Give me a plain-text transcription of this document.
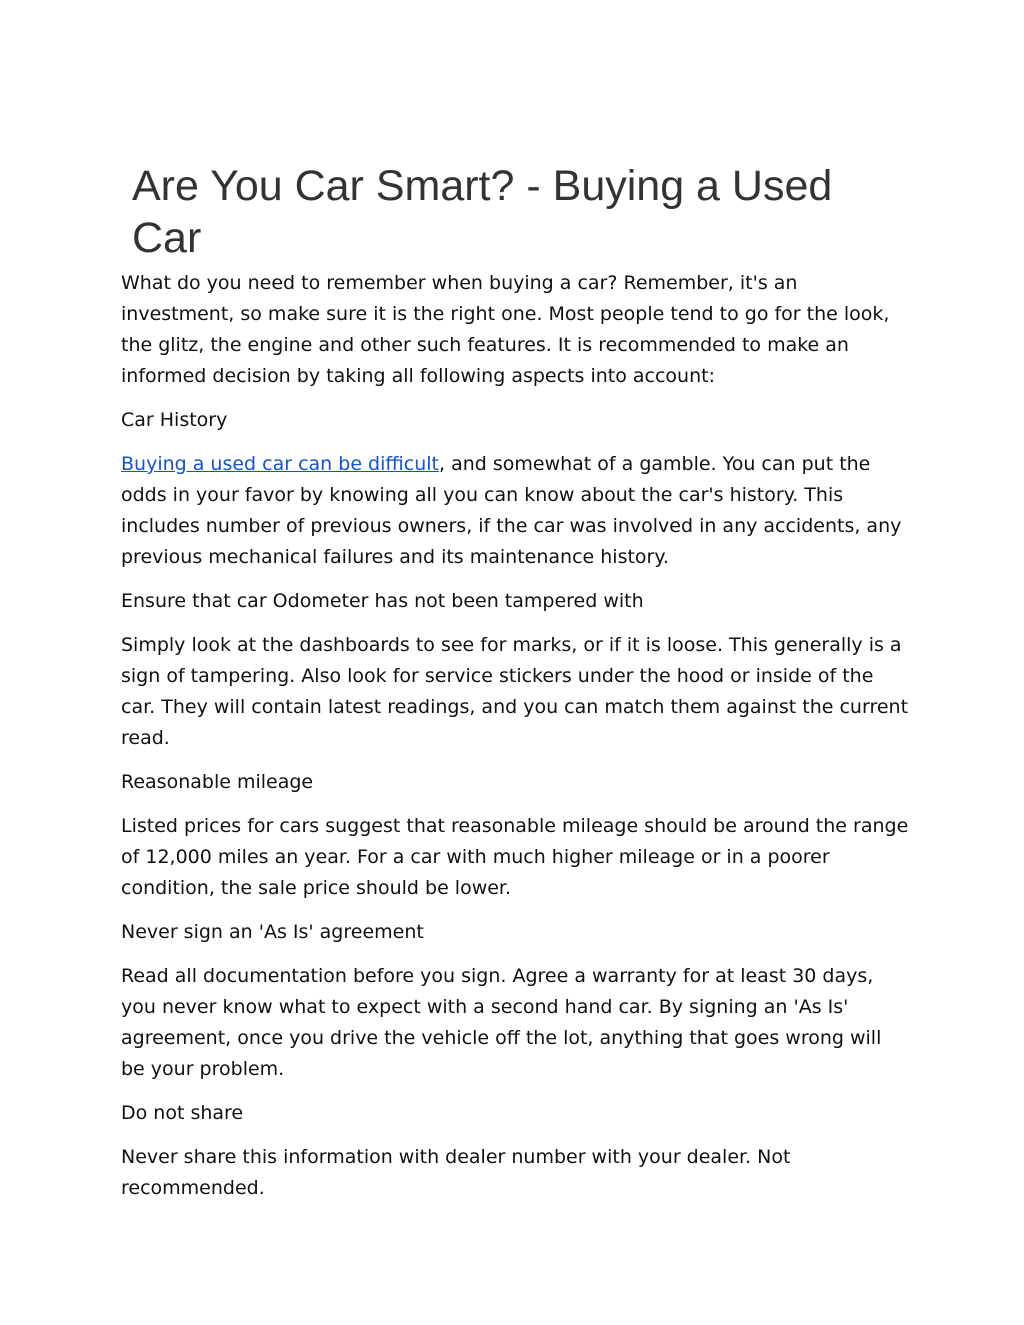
Are You Car Smart? - Buying a Used Car

What do you need to remember when buying a car? Remember, it's an investment, so make sure it is the right one. Most people tend to go for the look, the glitz, the engine and other such features. It is recommended to make an informed decision by taking all following aspects into account:

Car History

Buying a used car can be difficult, and somewhat of a gamble. You can put the odds in your favor by knowing all you can know about the car's history. This includes number of previous owners, if the car was involved in any accidents, any previous mechanical failures and its maintenance history.

Ensure that car Odometer has not been tampered with

Simply look at the dashboards to see for marks, or if it is loose. This generally is a sign of tampering. Also look for service stickers under the hood or inside of the car. They will contain latest readings, and you can match them against the current read.

Reasonable mileage

Listed prices for cars suggest that reasonable mileage should be around the range of 12,000 miles an year. For a car with much higher mileage or in a poorer condition, the sale price should be lower.

Never sign an 'As Is' agreement

Read all documentation before you sign. Agree a warranty for at least 30 days, you never know what to expect with a second hand car. By signing an 'As Is' agreement, once you drive the vehicle off the lot, anything that goes wrong will be your problem.

Do not share

Never share this information with dealer number with your dealer. Not recommended.
